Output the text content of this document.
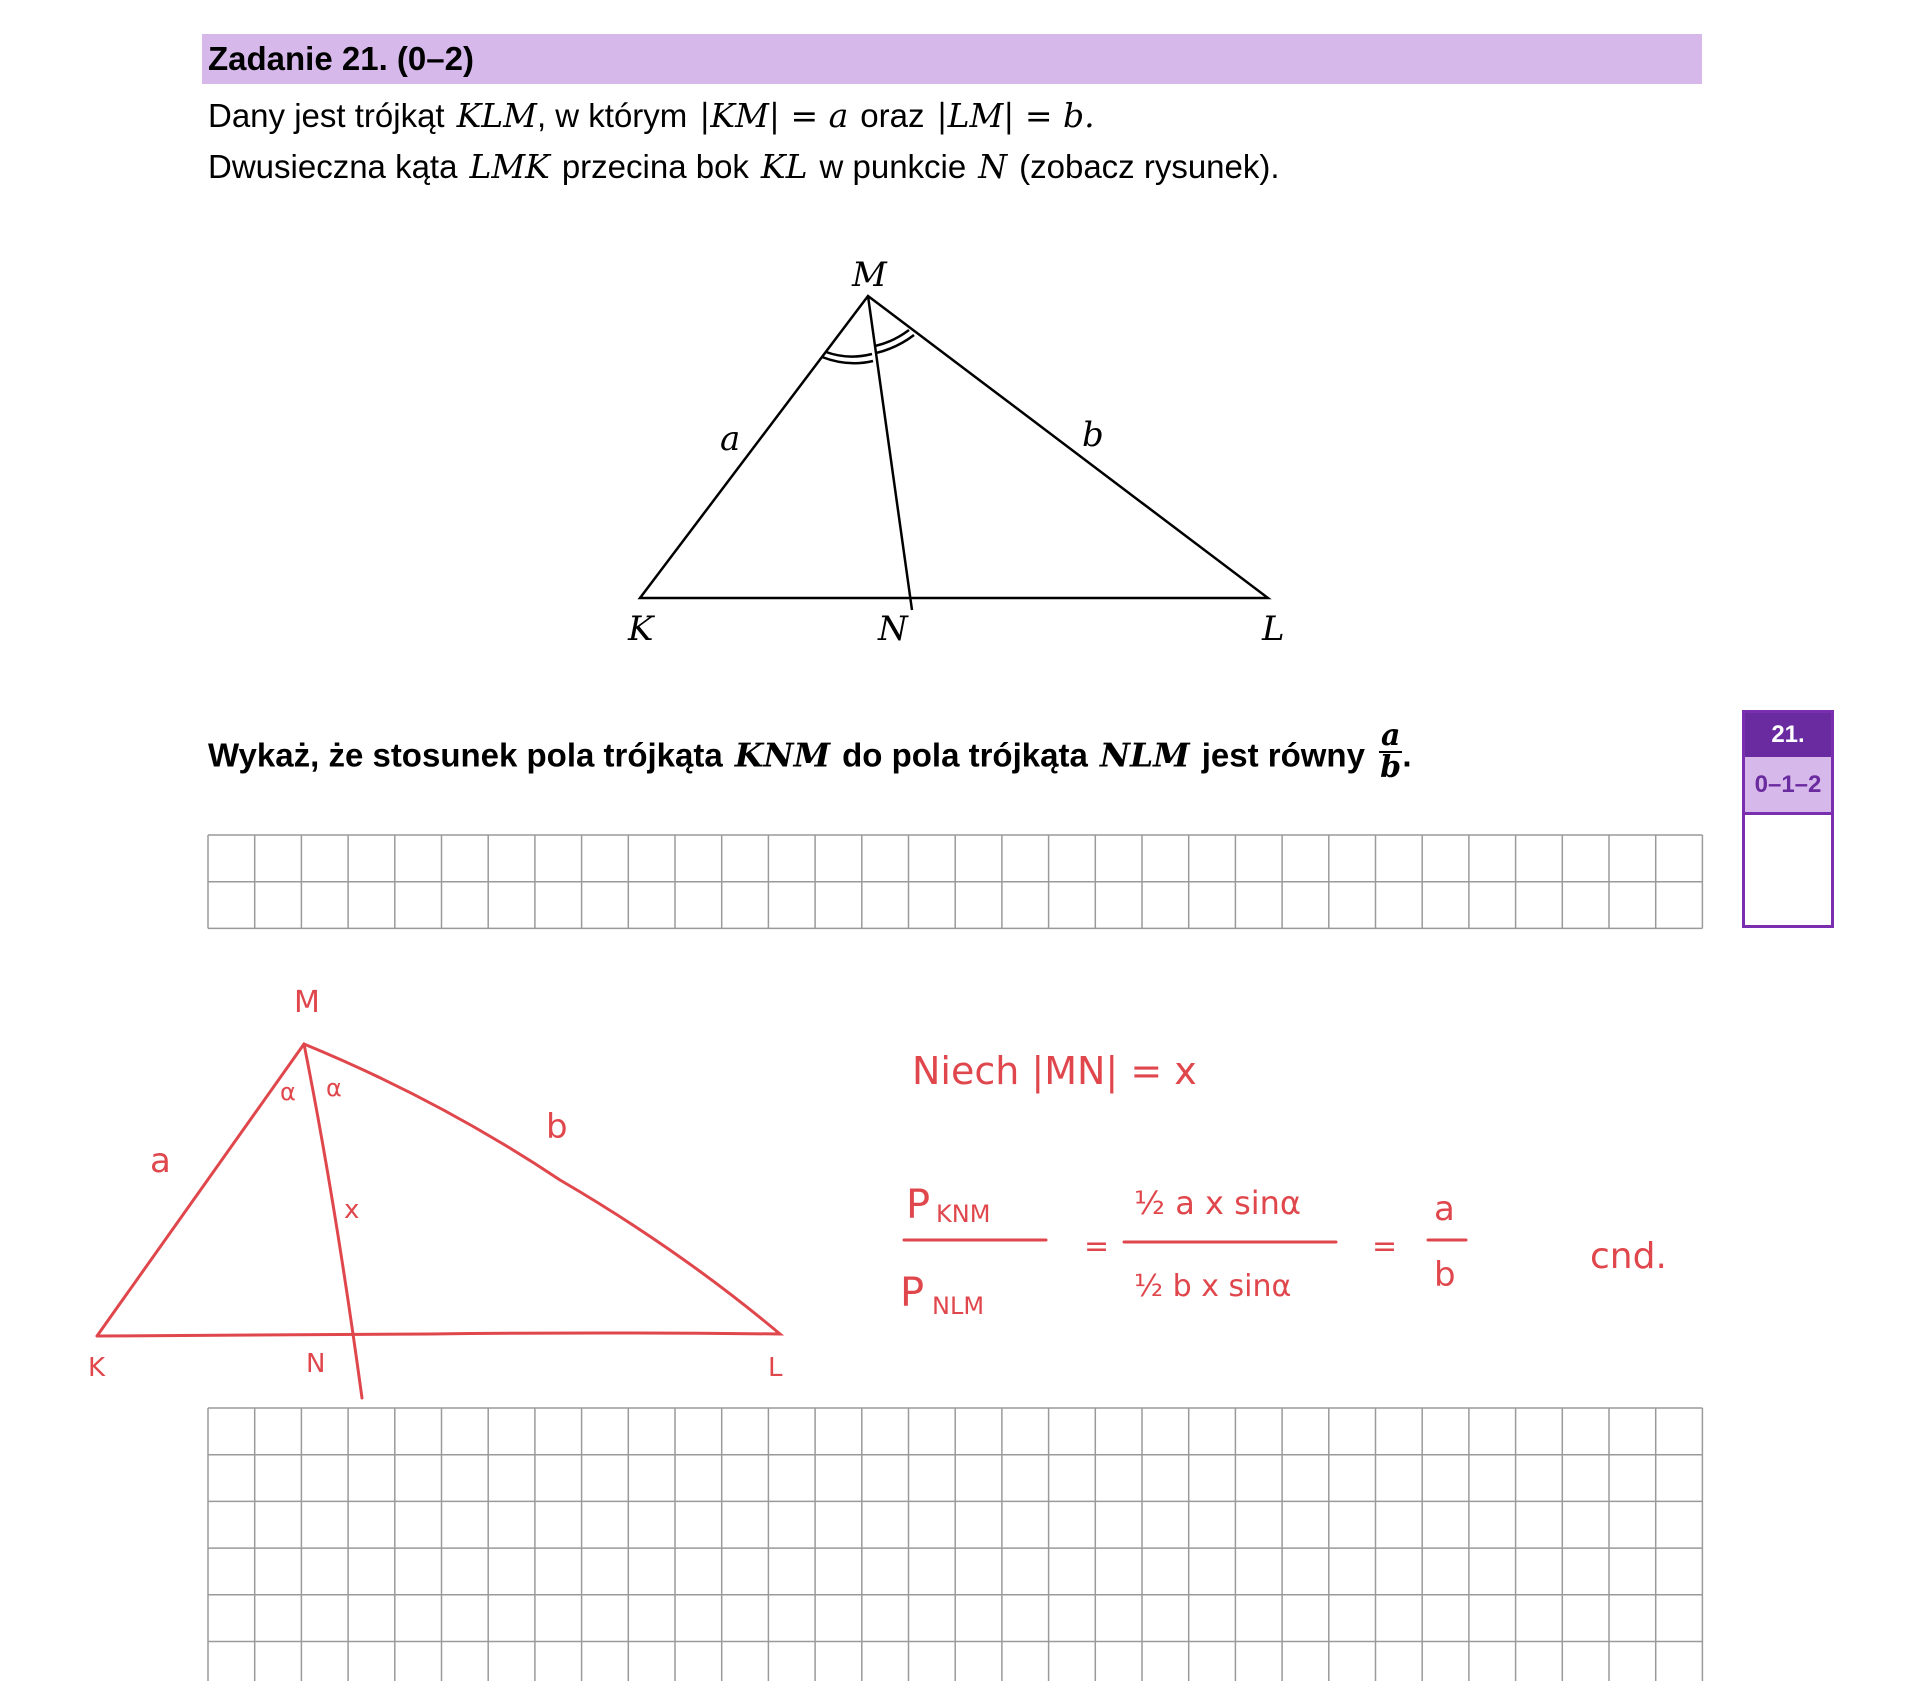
Zadanie 21. (0–2)
Dany jest trójkąt KLM, w którym |KM| = a oraz |LM| = b.
Dwusieczna kąta LMK przecina bok KL w punkcie N (zobacz rysunek).
M
K	N	L
a	b
Wykaż, że stosunek pola trójkąta KNM do pola trójkąta NLM jest równy $\frac{a}{b}$ .
21.
0–1–2
M
K	N	L
a
b
x
α α	Niech |MN| = x
P KNM
P NLM
=
½ a x sinα
½ b x sinα
=
a
b	cnd.
